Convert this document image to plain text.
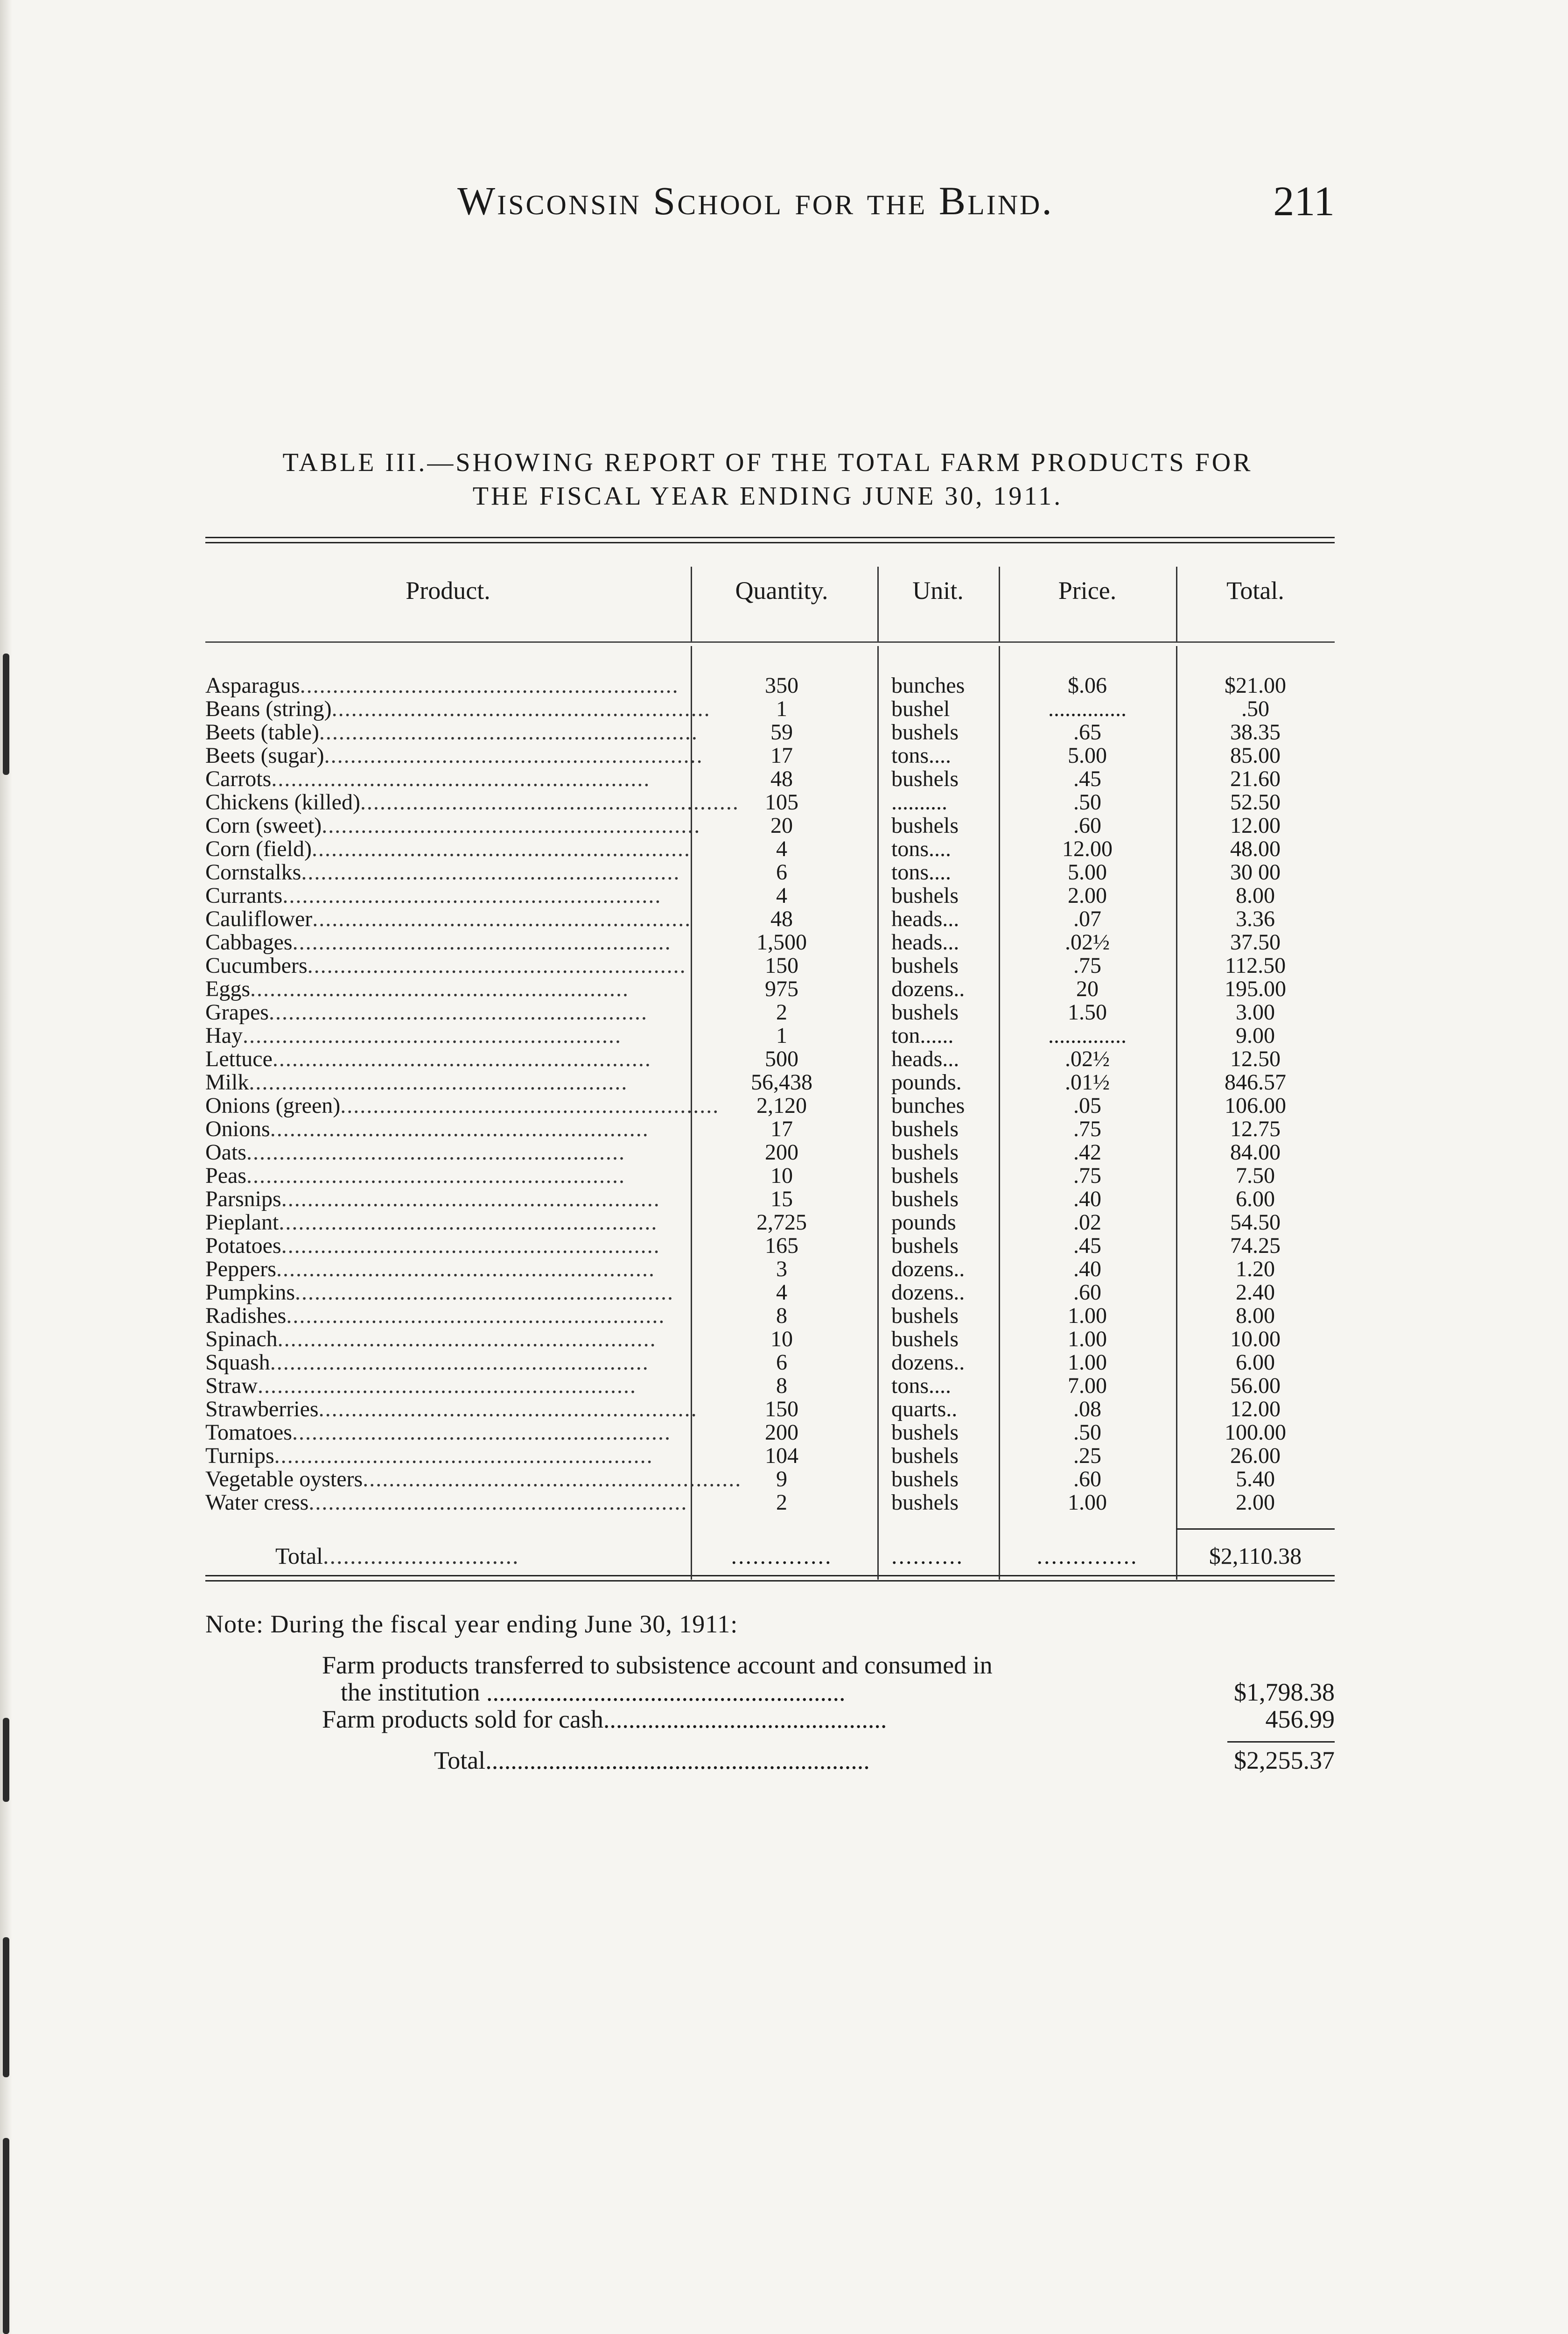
Wisconsin School for the Blind.	211
TABLE III.—SHOWING REPORT OF THE TOTAL FARM PRODUCTS FOR
THE FISCAL YEAR ENDING JUNE 30, 1911.
Product.	Quantity.	Unit.	Price.	Total.
Asparagus..........................................................	350	bunches	$.06	$21.00
Beans (string)..........................................................	1	bushel	..............	.50
Beets (table)..........................................................	59	bushels	.65	38.35
Beets (sugar)..........................................................	17	tons....	5.00	85.00
Carrots..........................................................	48	bushels	.45	21.60
Chickens (killed)..........................................................	105	..........	.50	52.50
Corn (sweet)..........................................................	20	bushels	.60	12.00
Corn (field)..........................................................	4	tons....	12.00	48.00
Cornstalks..........................................................	6	tons....	5.00	30 00
Currants..........................................................	4	bushels	2.00	8.00
Cauliflower..........................................................	48	heads...	.07	3.36
Cabbages..........................................................	1,500	heads...	.02½	37.50
Cucumbers..........................................................	150	bushels	.75	112.50
Eggs..........................................................	975	dozens..	20	195.00
Grapes..........................................................	2	bushels	1.50	3.00
Hay..........................................................	1	ton......	..............	9.00
Lettuce..........................................................	500	heads...	.02½	12.50
Milk..........................................................	56,438	pounds.	.01½	846.57
Onions (green)..........................................................	2,120	bunches	.05	106.00
Onions..........................................................	17	bushels	.75	12.75
Oats..........................................................	200	bushels	.42	84.00
Peas..........................................................	10	bushels	.75	7.50
Parsnips..........................................................	15	bushels	.40	6.00
Pieplant..........................................................	2,725	pounds	.02	54.50
Potatoes..........................................................	165	bushels	.45	74.25
Peppers..........................................................	3	dozens..	.40	1.20
Pumpkins..........................................................	4	dozens..	.60	2.40
Radishes..........................................................	8	bushels	1.00	8.00
Spinach..........................................................	10	bushels	1.00	10.00
Squash..........................................................	6	dozens..	1.00	6.00
Straw..........................................................	8	tons....	7.00	56.00
Strawberries..........................................................	150	quarts..	.08	12.00
Tomatoes..........................................................	200	bushels	.50	100.00
Turnips..........................................................	104	bushels	.25	26.00
Vegetable oysters..........................................................	9	bushels	.60	5.40
Water cress..........................................................	2	bushels	1.00	2.00
Total.............................	..............	..........	..............	$2,110.38
Note: During the fiscal year ending June 30, 1911:
Farm products transferred to subsistence account and consumed in
the institution .........................................................	$1,798.38
Farm products sold for cash.............................................	456.99
Total.............................................................	$2,255.37
